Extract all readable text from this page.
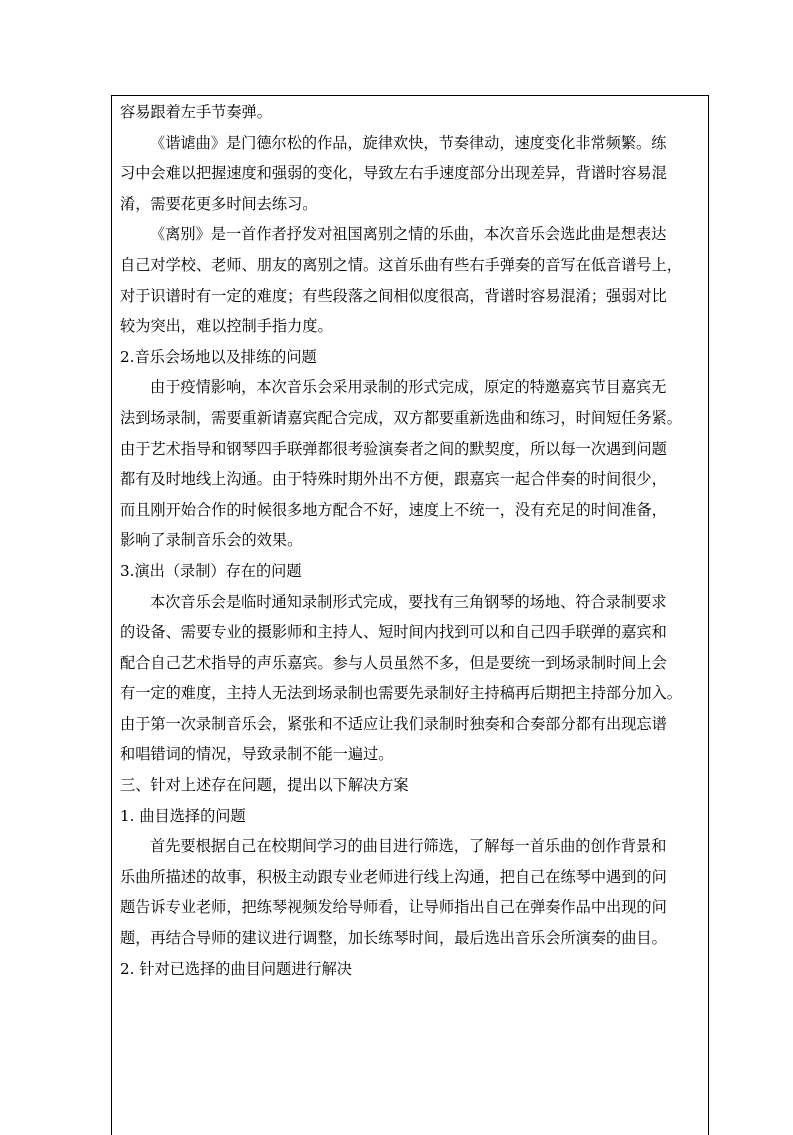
容易跟着左手节奏弹。
《谐谑曲》是门德尔松的作品，旋律欢快，节奏律动，速度变化非常频繁。练
习中会难以把握速度和强弱的变化，导致左右手速度部分出现差异，背谱时容易混
淆，需要花更多时间去练习。
《离别》是一首作者抒发对祖国离别之情的乐曲，本次音乐会选此曲是想表达
自己对学校、老师、朋友的离别之情。这首乐曲有些右手弹奏的音写在低音谱号上，
对于识谱时有一定的难度；有些段落之间相似度很高，背谱时容易混淆；强弱对比
较为突出，难以控制手指力度。
2.音乐会场地以及排练的问题
由于疫情影响，本次音乐会采用录制的形式完成，原定的特邀嘉宾节目嘉宾无
法到场录制，需要重新请嘉宾配合完成，双方都要重新选曲和练习，时间短任务紧。
由于艺术指导和钢琴四手联弹都很考验演奏者之间的默契度，所以每一次遇到问题
都有及时地线上沟通。由于特殊时期外出不方便，跟嘉宾一起合伴奏的时间很少，
而且刚开始合作的时候很多地方配合不好，速度上不统一，没有充足的时间准备，
影响了录制音乐会的效果。
3.演出（录制）存在的问题
本次音乐会是临时通知录制形式完成，要找有三角钢琴的场地、符合录制要求
的设备、需要专业的摄影师和主持人、短时间内找到可以和自己四手联弹的嘉宾和
配合自己艺术指导的声乐嘉宾。参与人员虽然不多，但是要统一到场录制时间上会
有一定的难度，主持人无法到场录制也需要先录制好主持稿再后期把主持部分加入。
由于第一次录制音乐会，紧张和不适应让我们录制时独奏和合奏部分都有出现忘谱
和唱错词的情况，导致录制不能一遍过。
三、针对上述存在问题，提出以下解决方案
1. 曲目选择的问题
首先要根据自己在校期间学习的曲目进行筛选，了解每一首乐曲的创作背景和
乐曲所描述的故事，积极主动跟专业老师进行线上沟通，把自己在练琴中遇到的问
题告诉专业老师，把练琴视频发给导师看，让导师指出自己在弹奏作品中出现的问
题，再结合导师的建议进行调整，加长练琴时间，最后选出音乐会所演奏的曲目。
2. 针对已选择的曲目问题进行解决
